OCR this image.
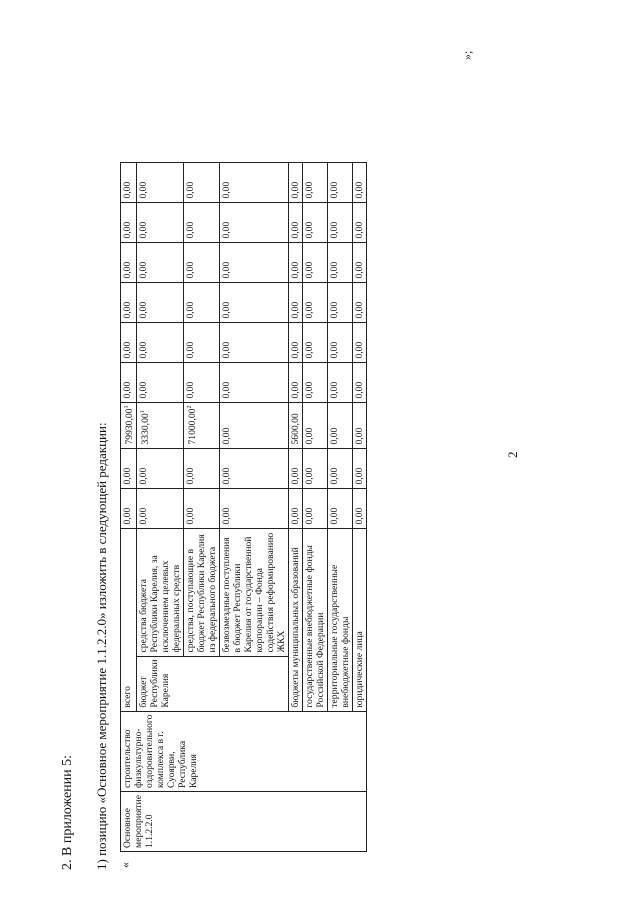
2. В приложении 5: 1) позицию «Основное мероприятие 1.1.2.2.0» изложить в следующей редакции:	2
«
»;
Основное мероприятие 1.1.2.2.0	строительство физкультурно-оздоровительного комплекса в г. Суоярви, Республика Карелия	всего		0,00	0,00	79930,00$^1$	0,00	0,00	0,00	0,00	0,00	0,00
		бюджет Республики Карелия	средства бюджета Республики Карелия, за исключением целевых федеральных средств	0,00	0,00	3330,00$^1$	0,00	0,00	0,00	0,00	0,00	0,00
			средства, поступающие в бюджет Республики Карелия из федерального бюджета	0,00	0,00	71000,00$^2$	0,00	0,00	0,00	0,00	0,00	0,00
			безвозмездные поступления в бюджет Республики Карелия от государственной корпорации – Фонда содействия реформированию ЖКХ	0,00	0,00	0,00	0,00	0,00	0,00	0,00	0,00	0,00
		бюджеты муниципальных образований		0,00	0,00	5600,00	0,00	0,00	0,00	0,00	0,00	0,00
		государственные внебюджетные фонды Российской Федерации		0,00	0,00	0,00	0,00	0,00	0,00	0,00	0,00	0,00
		территориальные государственные внебюджетные фонды		0,00	0,00	0,00	0,00	0,00	0,00	0,00	0,00	0,00
		юридические лица		0,00	0,00	0,00	0,00	0,00	0,00	0,00	0,00	0,00
